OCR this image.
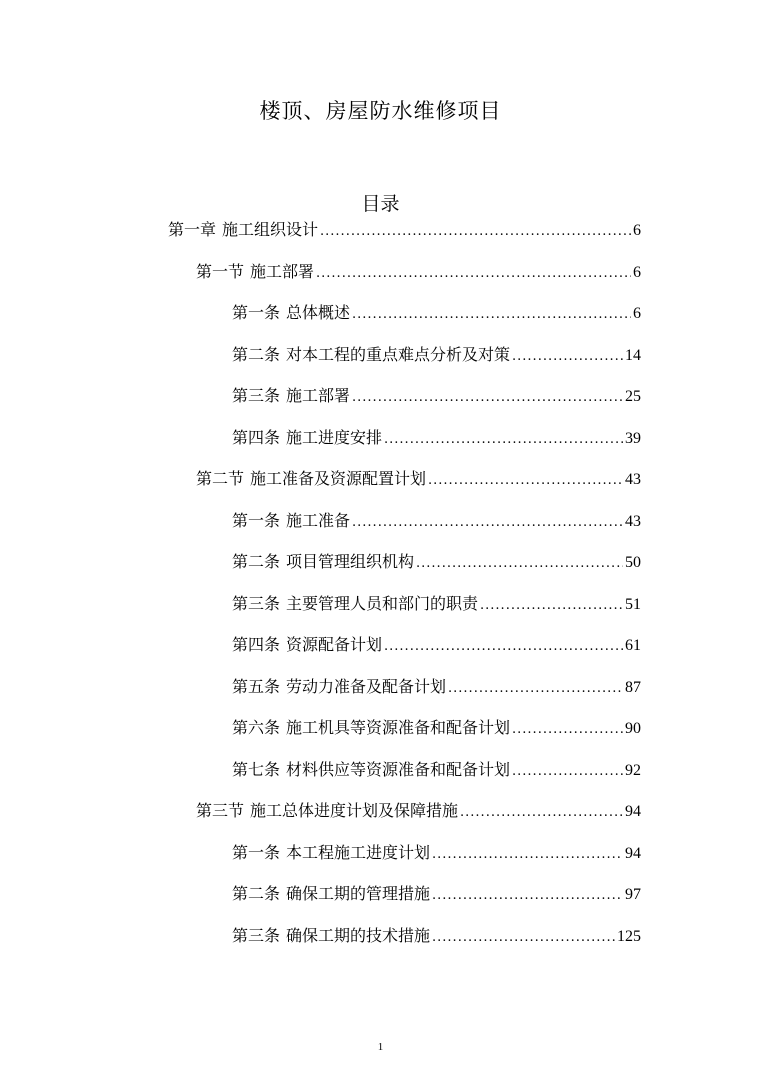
楼顶、房屋防水维修项目
目录
第一章 施工组织设计 .....	6
第一节 施工部署 .....	6
第一条 总体概述 .....	6
第二条 对本工程的重点难点分析及对策 .....	14
第三条 施工部署 .....	25
第四条 施工进度安排 .....	39
第二节 施工准备及资源配置计划 .....	43
第一条 施工准备 .....	43
第二条 项目管理组织机构 .....	50
第三条 主要管理人员和部门的职责 .....	51
第四条 资源配备计划 .....	61
第五条 劳动力准备及配备计划 .....	87
第六条 施工机具等资源准备和配备计划 .....	90
第七条 材料供应等资源准备和配备计划 .....	92
第三节 施工总体进度计划及保障措施 .....	94
第一条 本工程施工进度计划 .....	94
第二条 确保工期的管理措施 .....	97
第三条 确保工期的技术措施 .....	125
1
